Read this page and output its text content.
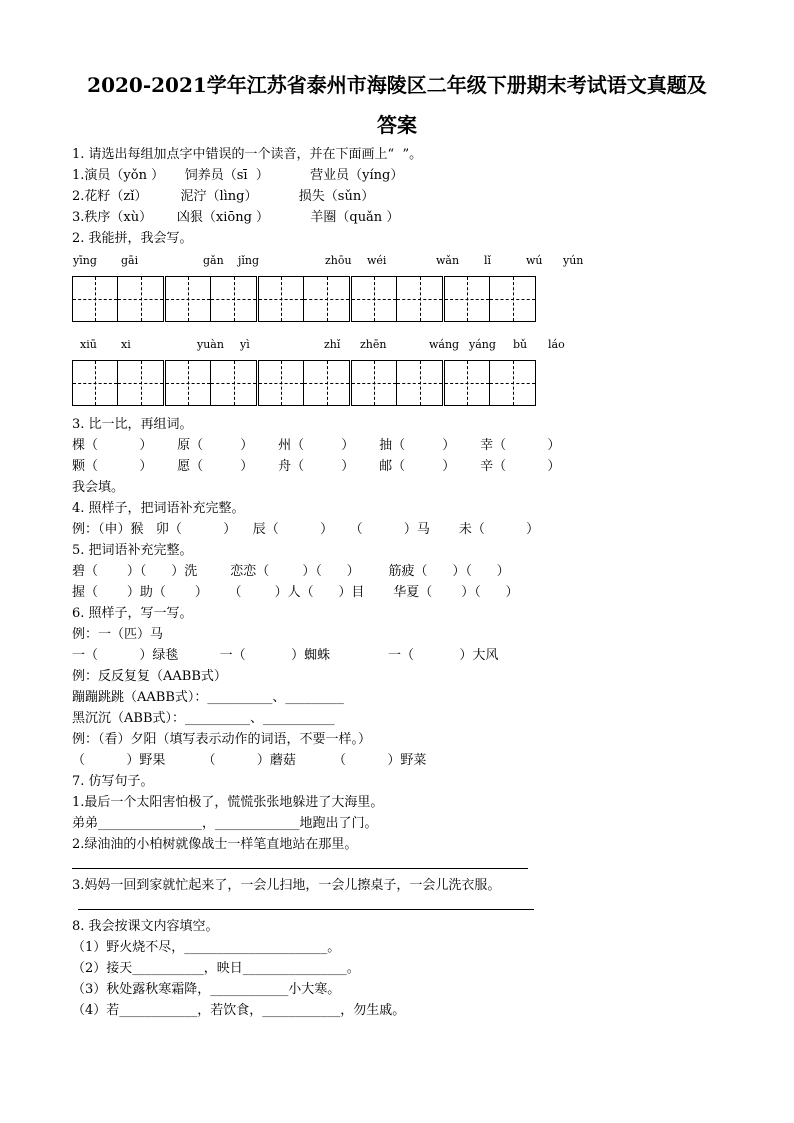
2020-2021学年江苏省泰州市海陵区二年级下册期末考试语文真题及
答案
1. 请选出每组加点字中错误的一个读音，并在下面画上“  ”。
1.演员（yǒn ）     饲养员（sī  ）          营业员（yíng）
2.花籽（zǐ）        泥泞（lìng）          损失（sǔn）
3.秩序（xù）      凶狠（xiōng ）          羊圈（quǎn ）
2. 我能拼，我会写。
yīng gāi	gǎn jǐng	zhōu wéi	wǎn lǐ	wú yún
xiū xi	yuàn yì	zhǐ zhēn	wáng yáng bǔ láo
3. 比一比，再组词。
棵（          ）      原（         ）      州（         ）      抽（         ）      幸（          ）
颗（          ）      愿（         ）      舟（         ）      邮（         ）      辛（          ）
我会填。
4. 照样子，把词语补充完整。
例：（申）猴   卯（          ）    辰（          ）    （          ）马       未（          ）
5. 把词语补充完整。
碧（       ）（      ）洗        恋恋（        ）（      ）       筋疲（      ）（      ）
握（       ）助（       ）     （        ）人（      ）目       华夏（       ）（      ）
6. 照样子，写一写。
例：一（匹）马
一（          ）绿毯          一（           ）蜘蛛              一（           ）大风
例：反反复复（AABB式）
蹦蹦跳跳（AABB式）：__________、_________
黑沉沉（ABB式）：__________、___________
例：（看）夕阳（填写表示动作的词语，不要一样。）
（          ）野果         （          ）蘑菇         （          ）野菜
7. 仿写句子。
1.最后一个太阳害怕极了，慌慌张张地躲进了大海里。
弟弟________________，_____________地跑出了门。
2.绿油油的小柏树就像战士一样笔直地站在那里。
3.妈妈一回到家就忙起来了，一会儿扫地，一会儿擦桌子，一会儿洗衣服。
8. 我会按课文内容填空。
（1）野火烧不尽，______________________。
（2）接天___________，映日________________。
（3）秋处露秋寒霜降，____________小大寒。
（4）若____________，若饮食，____________，勿生戚。
